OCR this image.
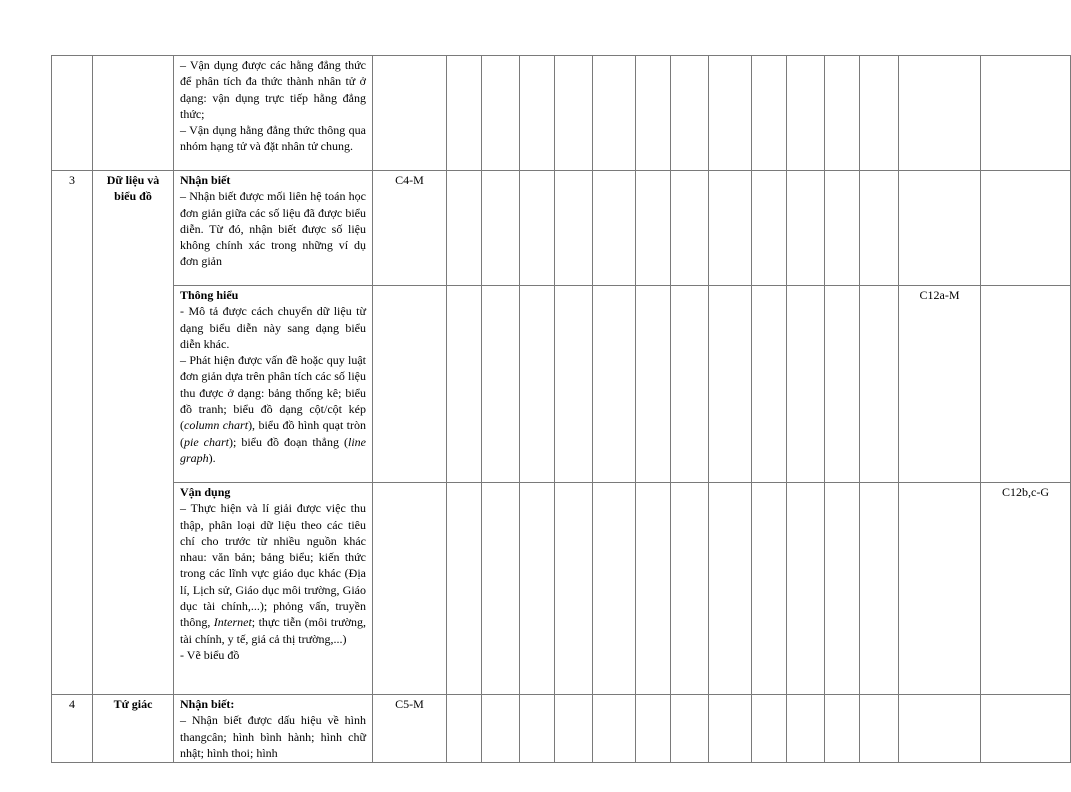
		– Vận dụng được các hằng đẳng thức để phân tích đa thức thành nhân tử ở dạng: vận dụng trực tiếp hằng đẳng thức;
– Vận dụng hằng đẳng thức thông qua nhóm hạng tử và đặt nhân tử chung.															

3	Dữ liệu và biểu đồ	Nhận biết
– Nhận biết được mối liên hệ toán học đơn giản giữa các số liệu đã được biểu diễn. Từ đó, nhận biết được số liệu không chính xác trong những ví dụ đơn giản	C4-M														

		Thông hiểu
- Mô tả được cách chuyển dữ liệu từ dạng biểu diễn này sang dạng biểu diễn khác.
– Phát hiện được vấn đề hoặc quy luật đơn giản dựa trên phân tích các số liệu thu được ở dạng: bảng thống kê; biểu đồ tranh; biểu đồ dạng cột/cột kép (column chart), biểu đồ hình quạt tròn (pie chart); biểu đồ đoạn thẳng (line graph).														C12a-M	

		Vận dụng
– Thực hiện và lí giải được việc thu thập, phân loại dữ liệu theo các tiêu chí cho trước từ nhiều nguồn khác nhau: văn bản; bảng biểu; kiến thức trong các lĩnh vực giáo dục khác (Địa lí, Lịch sử, Giáo dục môi trường, Giáo dục tài chính,...); phỏng vấn, truyền thông, Internet; thực tiễn (môi trường, tài chính, y tế, giá cả thị trường,...)
- Vẽ biểu đồ															C12b,c-G
4	Tứ giác	Nhận biết:
– Nhận biết được dấu hiệu về hình thangcân; hình bình hành; hình chữ nhật; hình thoi; hình	C5-M														
